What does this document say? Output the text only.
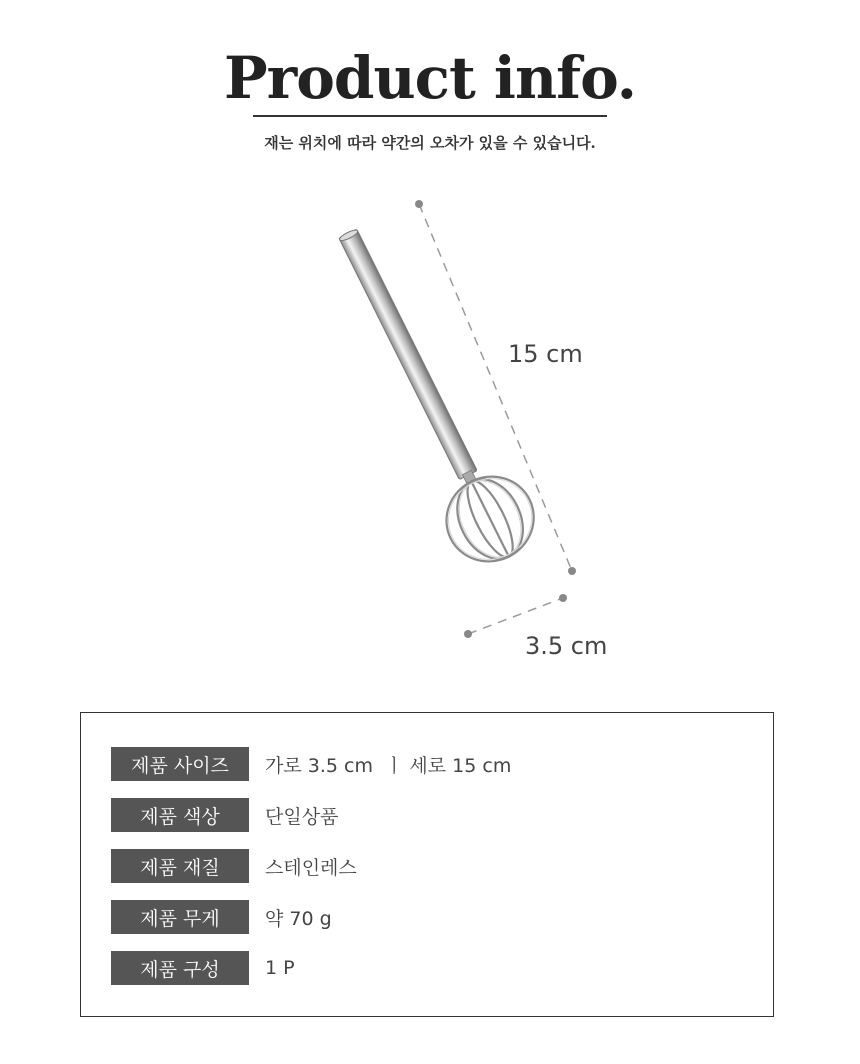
Product info.
재는 위치에 따라 약간의 오차가 있을 수 있습니다.
15 cm
3.5 cm
제품 사이즈	가로 3.5 cm  ㅣ 세로 15 cm
제품 색상	단일상품
제품 재질	스테인레스
제품 무게	약 70 g
제품 구성	1 P
